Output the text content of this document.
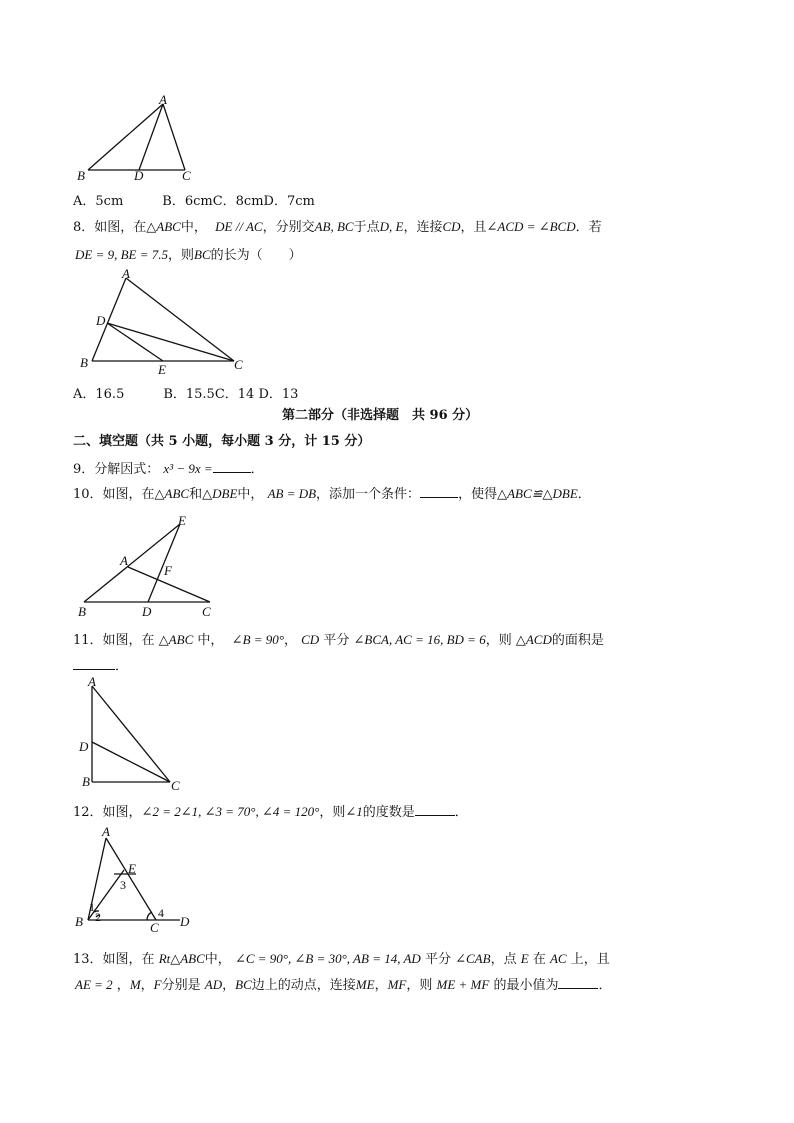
A
B	D	C
A．5cm　　　B．6cmC．8cmD．7cm
8．如图，在△ABC中， DE // AC，分别交AB, BC于点D, E，连接CD，且∠ACD = ∠BCD．若
DE = 9, BE = 7.5，则BC的长为（　　）
A
D
B	E	C
A．16.5　　　B．15.5C．14 D．13
第二部分（非选择题　共 96 分）
二、填空题（共 5 小题，每小题 3 分，计 15 分）
9．分解因式： x³ − 9x =	．
10．如图，在△ABC和△DBE中， AB = DB，添加一个条件：	，使得△ABC≌△DBE．
E
A
F
B	D	C
11．如图，在 △ABC 中， ∠B = 90°， CD 平分 ∠BCA, AC = 16, BD = 6，则 △ACD的面积是
．
A
D
B	C
12．如图，∠2 = 2∠1, ∠3 = 70°, ∠4 = 120°，则∠1的度数是	．
A
E
3
1
2
B	C
4
D
13．如图，在 Rt△ABC中， ∠C = 90°, ∠B = 30°, AB = 14, AD 平分 ∠CAB，点 E 在 AC 上，且
AE = 2 ，M，F分别是 AD，BC边上的动点，连接ME，MF，则 ME + MF 的最小值为	．
